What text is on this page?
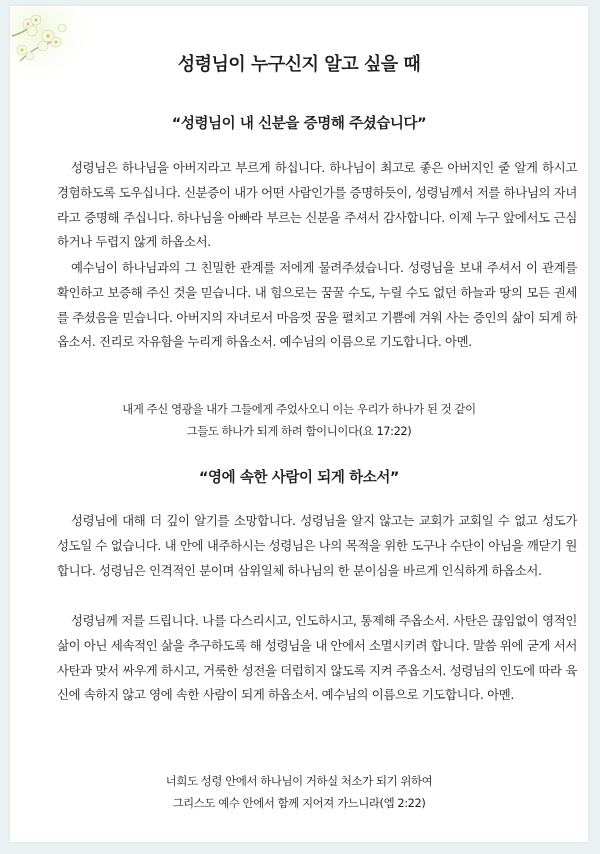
성령님이 누구신지 알고 싶을 때
“성령님이 내 신분을 증명해 주셨습니다”

성령님은 하나님을 아버지라고 부르게 하십니다. 하나님이 최고로 좋은 아버지인 줄 알게 하시고 경험하도록 도우십니다. 신분증이 내가 어떤 사람인가를 증명하듯이, 성령님께서 저를 하나님의 자녀라고 증명해 주십니다. 하나님을 아빠라 부르는 신분을 주셔서 감사합니다. 이제 누구 앞에서도 근심하거나 두렵지 않게 하옵소서.

예수님이 하나님과의 그 친밀한 관계를 저에게 물려주셨습니다. 성령님을 보내 주셔서 이 관계를 확인하고 보증해 주신 것을 믿습니다. 내 힘으로는 꿈꿀 수도, 누릴 수도 없던 하늘과 땅의 모든 권세를 주셨음을 믿습니다. 아버지의 자녀로서 마음껏 꿈을 펼치고 기쁨에 겨워 사는 증인의 삶이 되게 하옵소서. 진리로 자유함을 누리게 하옵소서. 예수님의 이름으로 기도합니다. 아멘.

내게 주신 영광을 내가 그들에게 주었사오니 이는 우리가 하나가 된 것 같이
그들도 하나가 되게 하려 함이니이다(요 17:22)
“영에 속한 사람이 되게 하소서”

성령님에 대해 더 깊이 알기를 소망합니다. 성령님을 알지 않고는 교회가 교회일 수 없고 성도가 성도일 수 없습니다. 내 안에 내주하시는 성령님은 나의 목적을 위한 도구나 수단이 아님을 깨닫기 원합니다. 성령님은 인격적인 분이며 삼위일체 하나님의 한 분이심을 바르게 인식하게 하옵소서.

성령님께 저를 드립니다. 나를 다스리시고, 인도하시고, 통제해 주옵소서. 사탄은 끊임없이 영적인 삶이 아닌 세속적인 삶을 추구하도록 해 성령님을 내 안에서 소멸시키려 합니다. 말씀 위에 굳게 서서 사탄과 맞서 싸우게 하시고, 거룩한 성전을 더럽히지 않도록 지켜 주옵소서. 성령님의 인도에 따라 육신에 속하지 않고 영에 속한 사람이 되게 하옵소서. 예수님의 이름으로 기도합니다. 아멘.

너희도 성령 안에서 하나님이 거하실 처소가 되기 위하여
그리스도 예수 안에서 함께 지어져 가느니라(엡 2:22)
